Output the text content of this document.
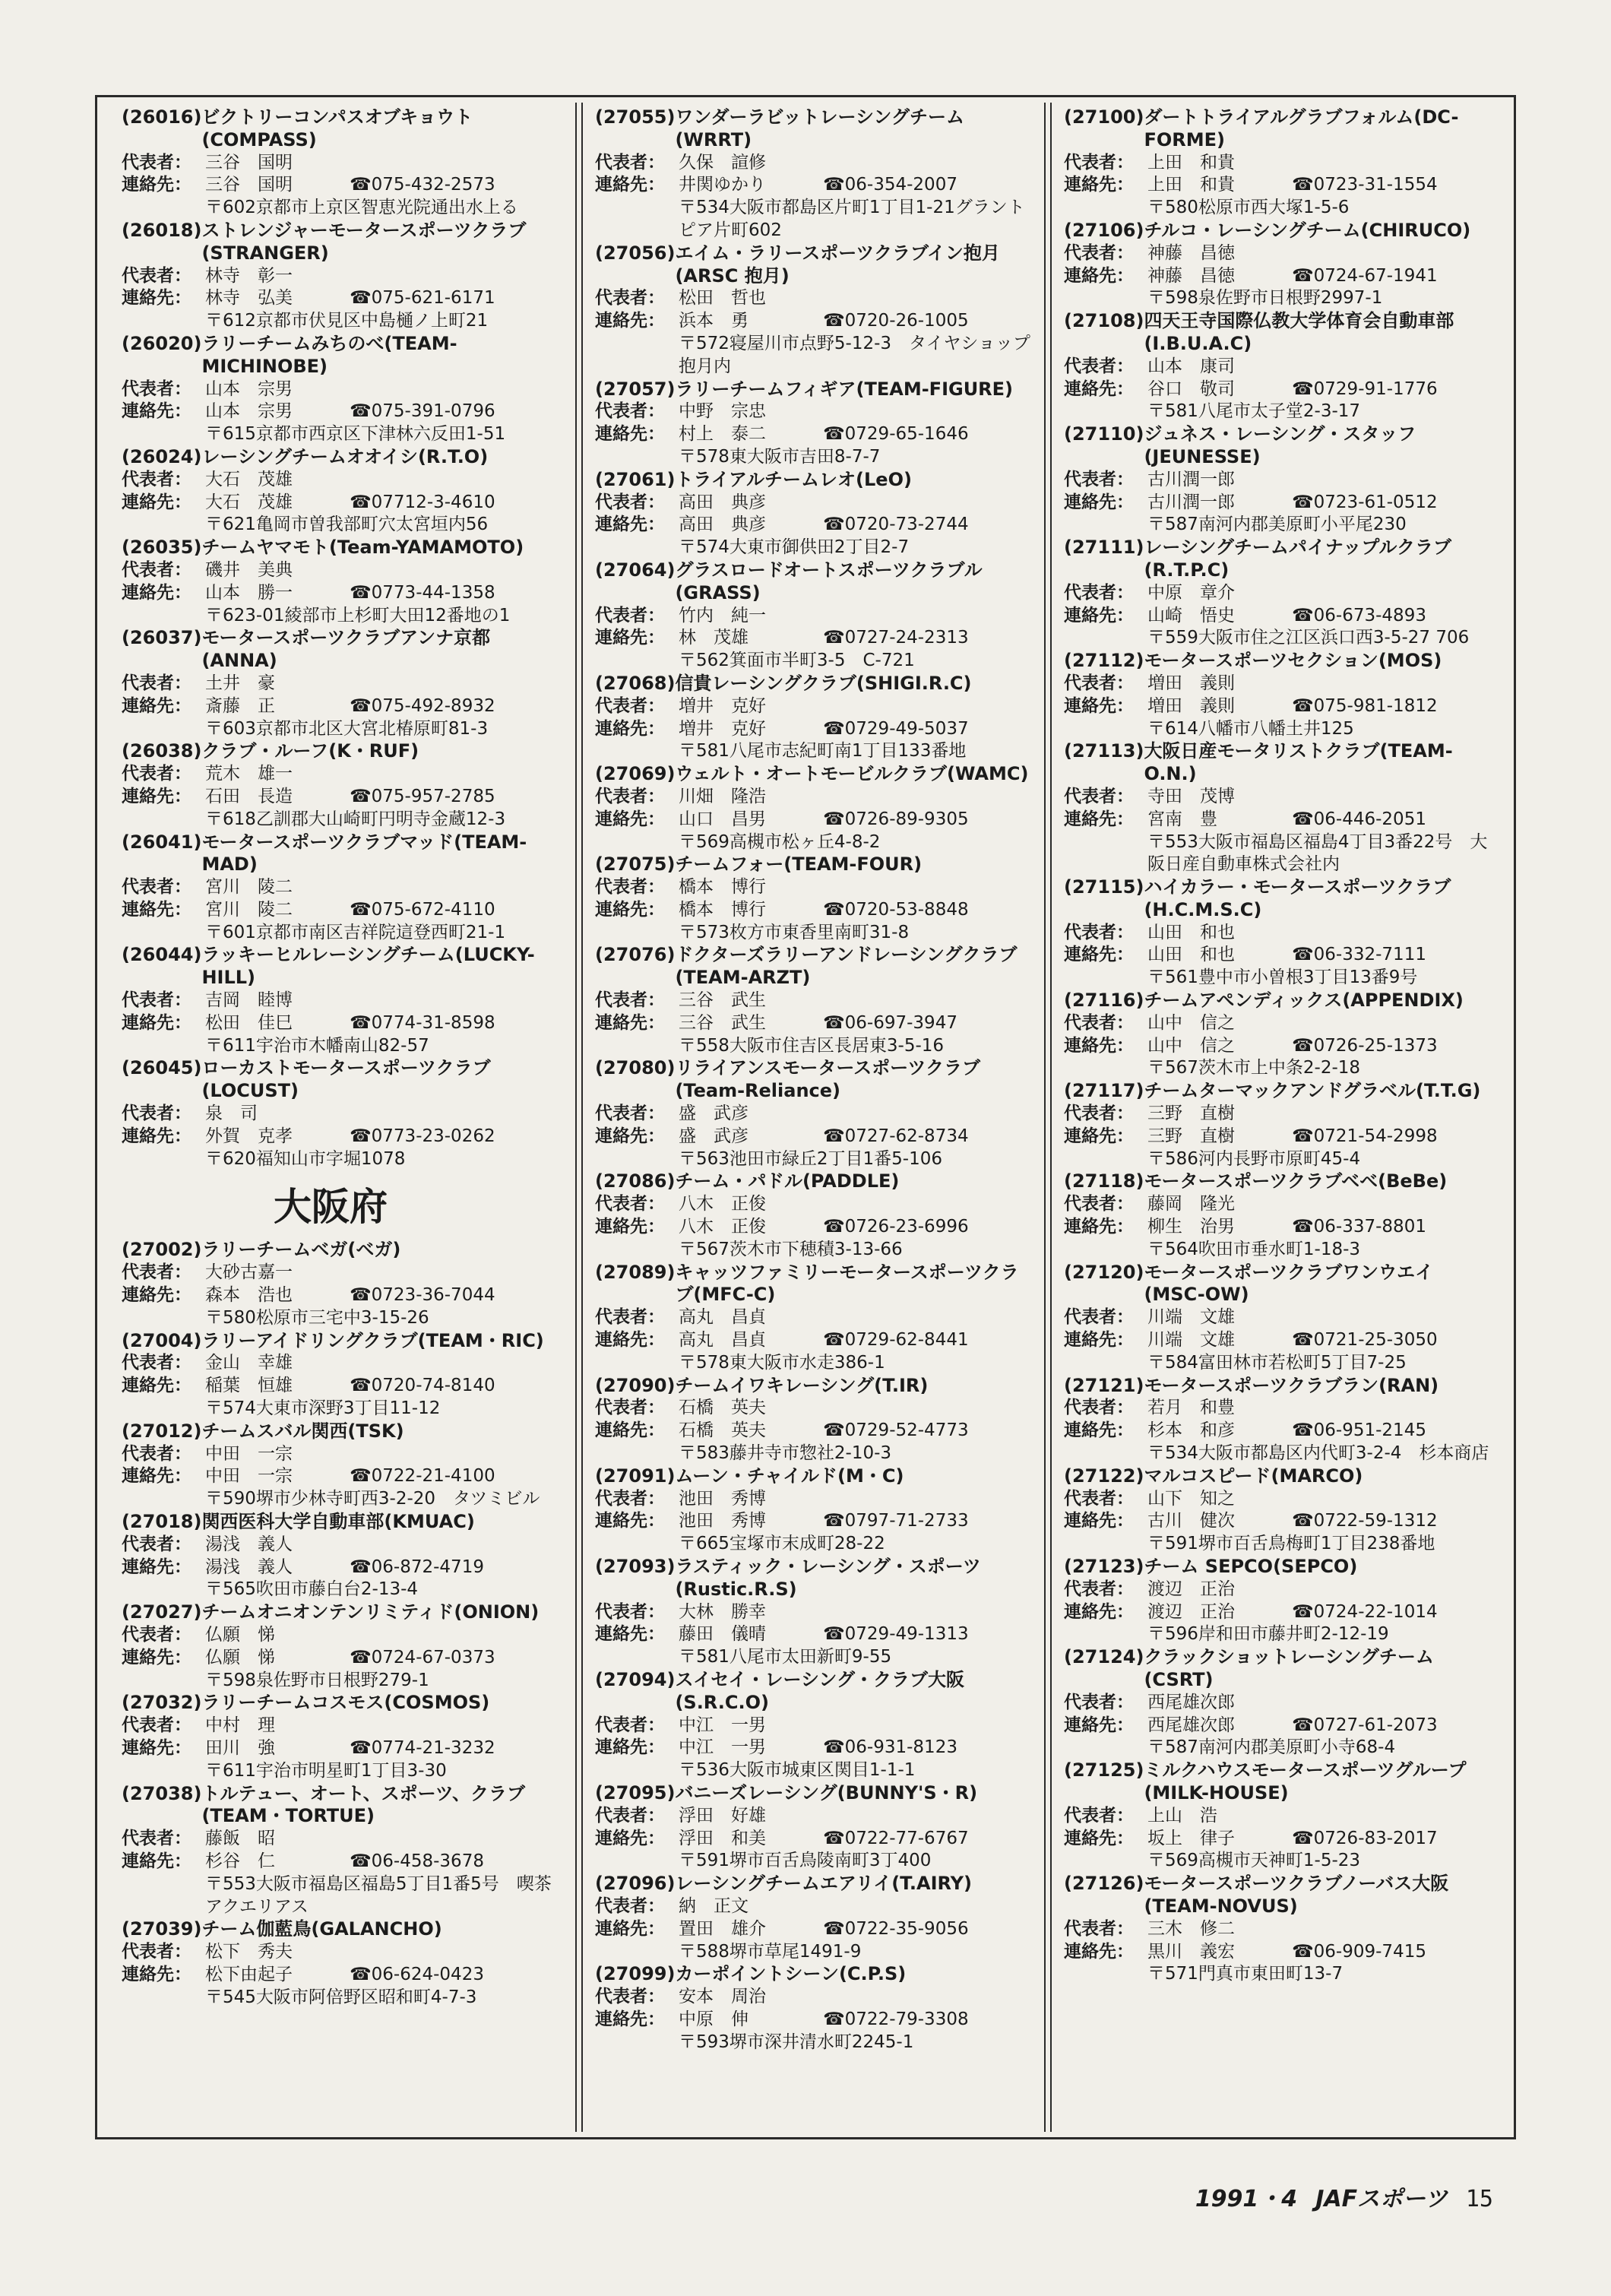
(26016) ビクトリーコンパスオブキョウト(COMPASS)
代表者： 三谷　国明
連絡先： 三谷　国明	☎075-432-2573
〒602京都市上京区智恵光院通出水上る
(26018) ストレンジャーモータースポーツクラブ(STRANGER)
代表者： 林寺　彰一
連絡先： 林寺　弘美	☎075-621-6171
〒612京都市伏見区中島樋ノ上町21
(26020) ラリーチームみちのべ(TEAM-MICHINOBE)
代表者： 山本　宗男
連絡先： 山本　宗男	☎075-391-0796
〒615京都市西京区下津林六反田1-51
(26024) レーシングチームオオイシ(R.T.O)
代表者： 大石　茂雄
連絡先： 大石　茂雄	☎07712-3-4610
〒621亀岡市曽我部町穴太宮垣内56
(26035) チームヤマモト(Team-YAMAMOTO)
代表者： 磯井　美典
連絡先： 山本　勝一	☎0773-44-1358
〒623-01綾部市上杉町大田12番地の1
(26037) モータースポーツクラブアンナ京都(ANNA)
代表者： 土井　豪
連絡先： 斎藤　正	☎075-492-8932
〒603京都市北区大宮北椿原町81-3
(26038) クラブ・ルーフ(K・RUF)
代表者： 荒木　雄一
連絡先： 石田　長造	☎075-957-2785
〒618乙訓郡大山崎町円明寺金蔵12-3
(26041) モータースポーツクラブマッド(TEAM-MAD)
代表者： 宮川　陵二
連絡先： 宮川　陵二	☎075-672-4110
〒601京都市南区吉祥院這登西町21-1
(26044) ラッキーヒルレーシングチーム(LUCKY-HILL)
代表者： 吉岡　睦博
連絡先： 松田　佳巳	☎0774-31-8598
〒611宇治市木幡南山82-57
(26045) ローカストモータースポーツクラブ(LOCUST)
代表者： 泉　司
連絡先： 外賀　克孝	☎0773-23-0262
〒620福知山市字堀1078
大阪府
(27002) ラリーチームベガ(ベガ)
代表者： 大砂古嘉一
連絡先： 森本　浩也	☎0723-36-7044
〒580松原市三宅中3-15-26
(27004) ラリーアイドリングクラブ(TEAM・RIC)
代表者： 金山　幸雄
連絡先： 稲葉　恒雄	☎0720-74-8140
〒574大東市深野3丁目11-12
(27012) チームスバル関西(TSK)
代表者： 中田　一宗
連絡先： 中田　一宗	☎0722-21-4100
〒590堺市少林寺町西3-2-20　タツミビル
(27018) 関西医科大学自動車部(KMUAC)
代表者： 湯浅　義人
連絡先： 湯浅　義人	☎06-872-4719
〒565吹田市藤白台2-13-4
(27027) チームオニオンテンリミティド(ONION)
代表者： 仏願　悌
連絡先： 仏願　悌	☎0724-67-0373
〒598泉佐野市日根野279-1
(27032) ラリーチームコスモス(COSMOS)
代表者： 中村　理
連絡先： 田川　強	☎0774-21-3232
〒611宇治市明星町1丁目3-30
(27038) トルテュー、オート、スポーツ、クラブ(TEAM・TORTUE)
代表者： 藤飯　昭
連絡先： 杉谷　仁	☎06-458-3678
〒553大阪市福島区福島5丁目1番5号　喫茶アクエリアス
(27039) チーム伽藍鳥(GALANCHO)
代表者： 松下　秀夫
連絡先： 松下由起子	☎06-624-0423
〒545大阪市阿倍野区昭和町4-7-3
(27055) ワンダーラビットレーシングチーム(WRRT)
代表者： 久保　諠修
連絡先： 井関ゆかり	☎06-354-2007
〒534大阪市都島区片町1丁目1-21グラントピア片町602
(27056) エイム・ラリースポーツクラブイン抱月(ARSC 抱月)
代表者： 松田　哲也
連絡先： 浜本　勇	☎0720-26-1005
〒572寝屋川市点野5-12-3　タイヤショップ抱月内
(27057) ラリーチームフィギア(TEAM-FIGURE)
代表者： 中野　宗忠
連絡先： 村上　泰二	☎0729-65-1646
〒578東大阪市吉田8-7-7
(27061) トライアルチームレオ(LeO)
代表者： 高田　典彦
連絡先： 高田　典彦	☎0720-73-2744
〒574大東市御供田2丁目2-7
(27064) グラスロードオートスポーツクラブル(GRASS)
代表者： 竹内　純一
連絡先： 林　茂雄	☎0727-24-2313
〒562箕面市半町3-5　C-721
(27068) 信貴レーシングクラブ(SHIGI.R.C)
代表者： 増井　克好
連絡先： 増井　克好	☎0729-49-5037
〒581八尾市志紀町南1丁目133番地
(27069) ウェルト・オートモービルクラブ(WAMC)
代表者： 川畑　隆浩
連絡先： 山口　昌男	☎0726-89-9305
〒569高槻市松ヶ丘4-8-2
(27075) チームフォー(TEAM-FOUR)
代表者： 橋本　博行
連絡先： 橋本　博行	☎0720-53-8848
〒573枚方市東香里南町31-8
(27076) ドクターズラリーアンドレーシングクラブ(TEAM-ARZT)
代表者： 三谷　武生
連絡先： 三谷　武生	☎06-697-3947
〒558大阪市住吉区長居東3-5-16
(27080) リライアンスモータースポーツクラブ(Team-Reliance)
代表者： 盛　武彦
連絡先： 盛　武彦	☎0727-62-8734
〒563池田市緑丘2丁目1番5-106
(27086) チーム・パドル(PADDLE)
代表者： 八木　正俊
連絡先： 八木　正俊	☎0726-23-6996
〒567茨木市下穂積3-13-66
(27089) キャッツファミリーモータースポーツクラブ(MFC-C)
代表者： 高丸　昌貞
連絡先： 高丸　昌貞	☎0729-62-8441
〒578東大阪市水走386-1
(27090) チームイワキレーシング(T.IR)
代表者： 石橋　英夫
連絡先： 石橋　英夫	☎0729-52-4773
〒583藤井寺市惣社2-10-3
(27091) ムーン・チャイルド(M・C)
代表者： 池田　秀博
連絡先： 池田　秀博	☎0797-71-2733
〒665宝塚市末成町28-22
(27093) ラスティック・レーシング・スポーツ(Rustic.R.S)
代表者： 大林　勝幸
連絡先： 藤田　儀晴	☎0729-49-1313
〒581八尾市太田新町9-55
(27094) スイセイ・レーシング・クラブ大阪(S.R.C.O)
代表者： 中江　一男
連絡先： 中江　一男	☎06-931-8123
〒536大阪市城東区関目1-1-1
(27095) バニーズレーシング(BUNNY'S・R)
代表者： 浮田　好雄
連絡先： 浮田　和美	☎0722-77-6767
〒591堺市百舌鳥陵南町3丁400
(27096) レーシングチームエアリイ(T.AIRY)
代表者： 納　正文
連絡先： 置田　雄介	☎0722-35-9056
〒588堺市草尾1491-9
(27099) カーポイントシーン(C.P.S)
代表者： 安本　周治
連絡先： 中原　伸	☎0722-79-3308
〒593堺市深井清水町2245-1
(27100) ダートトライアルグラブフォルム(DC-FORME)
代表者： 上田　和貴
連絡先： 上田　和貴	☎0723-31-1554
〒580松原市西大塚1-5-6
(27106) チルコ・レーシングチーム(CHIRUCO)
代表者： 神藤　昌徳
連絡先： 神藤　昌徳	☎0724-67-1941
〒598泉佐野市日根野2997-1
(27108) 四天王寺国際仏教大学体育会自動車部(I.B.U.A.C)
代表者： 山本　康司
連絡先： 谷口　敬司	☎0729-91-1776
〒581八尾市太子堂2-3-17
(27110) ジュネス・レーシング・スタッフ(JEUNESSE)
代表者： 古川潤一郎
連絡先： 古川潤一郎	☎0723-61-0512
〒587南河内郡美原町小平尾230
(27111) レーシングチームパイナップルクラブ(R.T.P.C)
代表者： 中原　章介
連絡先： 山崎　悟史	☎06-673-4893
〒559大阪市住之江区浜口西3-5-27 706
(27112) モータースポーツセクション(MOS)
代表者： 増田　義則
連絡先： 増田　義則	☎075-981-1812
〒614八幡市八幡土井125
(27113) 大阪日産モータリストクラブ(TEAM-O.N.)
代表者： 寺田　茂博
連絡先： 宮南　豊	☎06-446-2051
〒553大阪市福島区福島4丁目3番22号　大阪日産自動車株式会社内
(27115) ハイカラー・モータースポーツクラブ(H.C.M.S.C)
代表者： 山田　和也
連絡先： 山田　和也	☎06-332-7111
〒561豊中市小曽根3丁目13番9号
(27116) チームアペンディックス(APPENDIX)
代表者： 山中　信之
連絡先： 山中　信之	☎0726-25-1373
〒567茨木市上中条2-2-18
(27117) チームターマックアンドグラベル(T.T.G)
代表者： 三野　直樹
連絡先： 三野　直樹	☎0721-54-2998
〒586河内長野市原町45-4
(27118) モータースポーツクラブベベ(BeBe)
代表者： 藤岡　隆光
連絡先： 柳生　治男	☎06-337-8801
〒564吹田市垂水町1-18-3
(27120) モータースポーツクラブワンウエイ(MSC-OW)
代表者： 川端　文雄
連絡先： 川端　文雄	☎0721-25-3050
〒584富田林市若松町5丁目7-25
(27121) モータースポーツクラブラン(RAN)
代表者： 若月　和豊
連絡先： 杉本　和彦	☎06-951-2145
〒534大阪市都島区内代町3-2-4　杉本商店
(27122) マルコスピード(MARCO)
代表者： 山下　知之
連絡先： 古川　健次	☎0722-59-1312
〒591堺市百舌鳥梅町1丁目238番地
(27123) チーム SEPCO(SEPCO)
代表者： 渡辺　正治
連絡先： 渡辺　正治	☎0724-22-1014
〒596岸和田市藤井町2-12-19
(27124) クラックショットレーシングチーム(CSRT)
代表者： 西尾雄次郎
連絡先： 西尾雄次郎	☎0727-61-2073
〒587南河内郡美原町小寺68-4
(27125) ミルクハウスモータースポーツグループ(MILK-HOUSE)
代表者： 上山　浩
連絡先： 坂上　律子	☎0726-83-2017
〒569高槻市天神町1-5-23
(27126) モータースポーツクラブノーバス大阪(TEAM-NOVUS)
代表者： 三木　修二
連絡先： 黒川　義宏	☎06-909-7415
〒571門真市東田町13-7
1991・4 JAFスポーツ 15
